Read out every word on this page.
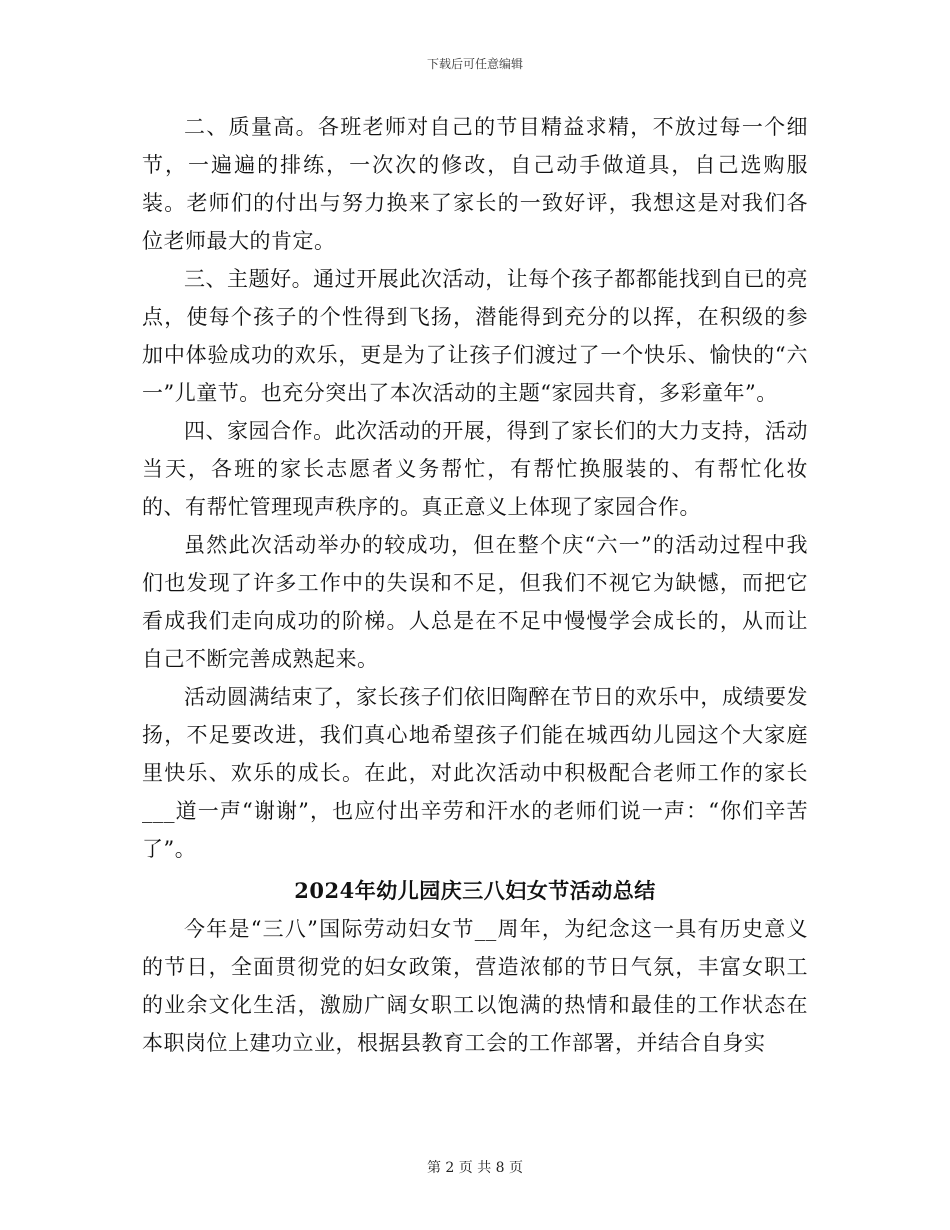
下载后可任意编辑

二、质量高。各班老师对自己的节目精益求精，不放过每一个细节，一遍遍的排练，一次次的修改，自己动手做道具，自己选购服装。老师们的付出与努力换来了家长的一致好评，我想这是对我们各位老师最大的肯定。

三、主题好。通过开展此次活动，让每个孩子都都能找到自已的亮点，使每个孩子的个性得到飞扬，潜能得到充分的以挥，在积级的参加中体验成功的欢乐，更是为了让孩子们渡过了一个快乐、愉快的“六一”儿童节。也充分突出了本次活动的主题“家园共育，多彩童年”。

四、家园合作。此次活动的开展，得到了家长们的大力支持，活动当天，各班的家长志愿者义务帮忙，有帮忙换服装的、有帮忙化妆的、有帮忙管理现声秩序的。真正意义上体现了家园合作。

虽然此次活动举办的较成功，但在整个庆“六一”的活动过程中我们也发现了许多工作中的失误和不足，但我们不视它为缺憾，而把它看成我们走向成功的阶梯。人总是在不足中慢慢学会成长的，从而让自己不断完善成熟起来。

活动圆满结束了，家长孩子们依旧陶醉在节日的欢乐中，成绩要发扬，不足要改进，我们真心地希望孩子们能在城西幼儿园这个大家庭里快乐、欢乐的成长。在此，对此次活动中积极配合老师工作的家长___道一声“谢谢”，也应付出辛劳和汗水的老师们说一声：“你们辛苦了”。

2024年幼儿园庆三八妇女节活动总结

今年是“三八”国际劳动妇女节__周年，为纪念这一具有历史意义的节日，全面贯彻党的妇女政策，营造浓郁的节日气氛，丰富女职工的业余文化生活，激励广阔女职工以饱满的热情和最佳的工作状态在本职岗位上建功立业，根据县教育工会的工作部署，并结合自身实

第 2 页 共 8 页
